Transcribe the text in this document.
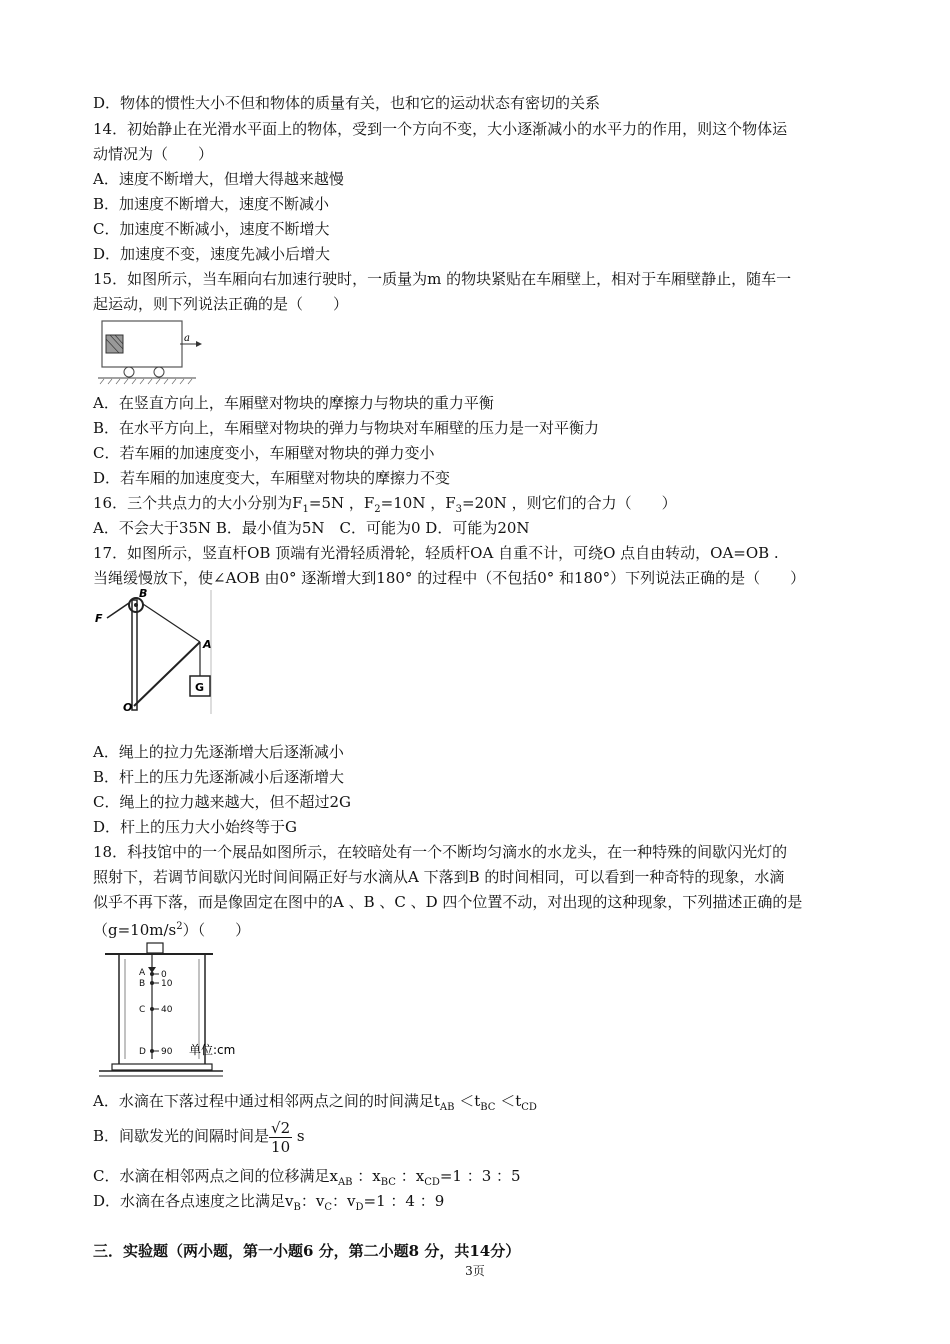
D．物体的惯性大小不但和物体的质量有关，也和它的运动状态有密切的关系
14．初始静止在光滑水平面上的物体，受到一个方向不变，大小逐渐减小的水平力的作用，则这个物体运
动情况为（　　）
A．速度不断增大，但增大得越来越慢
B．加速度不断增大，速度不断减小
C．加速度不断减小，速度不断增大
D．加速度不变，速度先减小后增大
15．如图所示，当车厢向右加速行驶时，一质量为m 的物块紧贴在车厢壁上，相对于车厢壁静止，随车一
起运动，则下列说法正确的是（　　）
a
A．在竖直方向上，车厢壁对物块的摩擦力与物块的重力平衡
B．在水平方向上，车厢壁对物块的弹力与物块对车厢壁的压力是一对平衡力
C．若车厢的加速度变小，车厢壁对物块的弹力变小
D．若车厢的加速度变大，车厢壁对物块的摩擦力不变
16．三个共点力的大小分别为$F_1=5N$ ，$F_2=10N$ ，$F_3=20N$ ，则它们的合力（　　）
A．不会大于35N B．最小值为5N　C．可能为0 D．可能为20N
17．如图所示，竖直杆OB 顶端有光滑轻质滑轮，轻质杆OA 自重不计，可绕O 点自由转动，OA=OB .
当绳缓慢放下，使∠AOB 由0° 逐渐增大到180° 的过程中（不包括0° 和180°）下列说法正确的是（　　）
B
F
A
G
O
A．绳上的拉力先逐渐增大后逐渐减小
B．杆上的压力先逐渐减小后逐渐增大
C．绳上的拉力越来越大，但不超过2G
D．杆上的压力大小始终等于G
18．科技馆中的一个展品如图所示，在较暗处有一个不断均匀滴水的水龙头，在一种特殊的间歇闪光灯的
照射下，若调节间歇闪光时间间隔正好与水滴从A 下落到B 的时间相同，可以看到一种奇特的现象，水滴
似乎不再下落，而是像固定在图中的A 、B 、C 、D 四个位置不动，对出现的这种现象，下列描述正确的是
$(g=10m/s^2)$（　　）
A
B
C
D
0
10
40
90 单位:cm
A．水滴在下落过程中通过相邻两点之间的时间满足$t_{AB} <t_{BC} <t_{CD}$
B．间歇发光的间隔时间是 $\frac{√2}{10}$ s
C．水滴在相邻两点之间的位移满足$x_{AB}$ ：$x_{BC}$ ：$x_{CD}=1$ ：3 ：5
D．水滴在各点速度之比满足$v_B$：$v_C$：$v_D=1$ ：4 ：9
三．实验题（两小题，第一小题6 分，第二小题8 分，共14分）
3页
